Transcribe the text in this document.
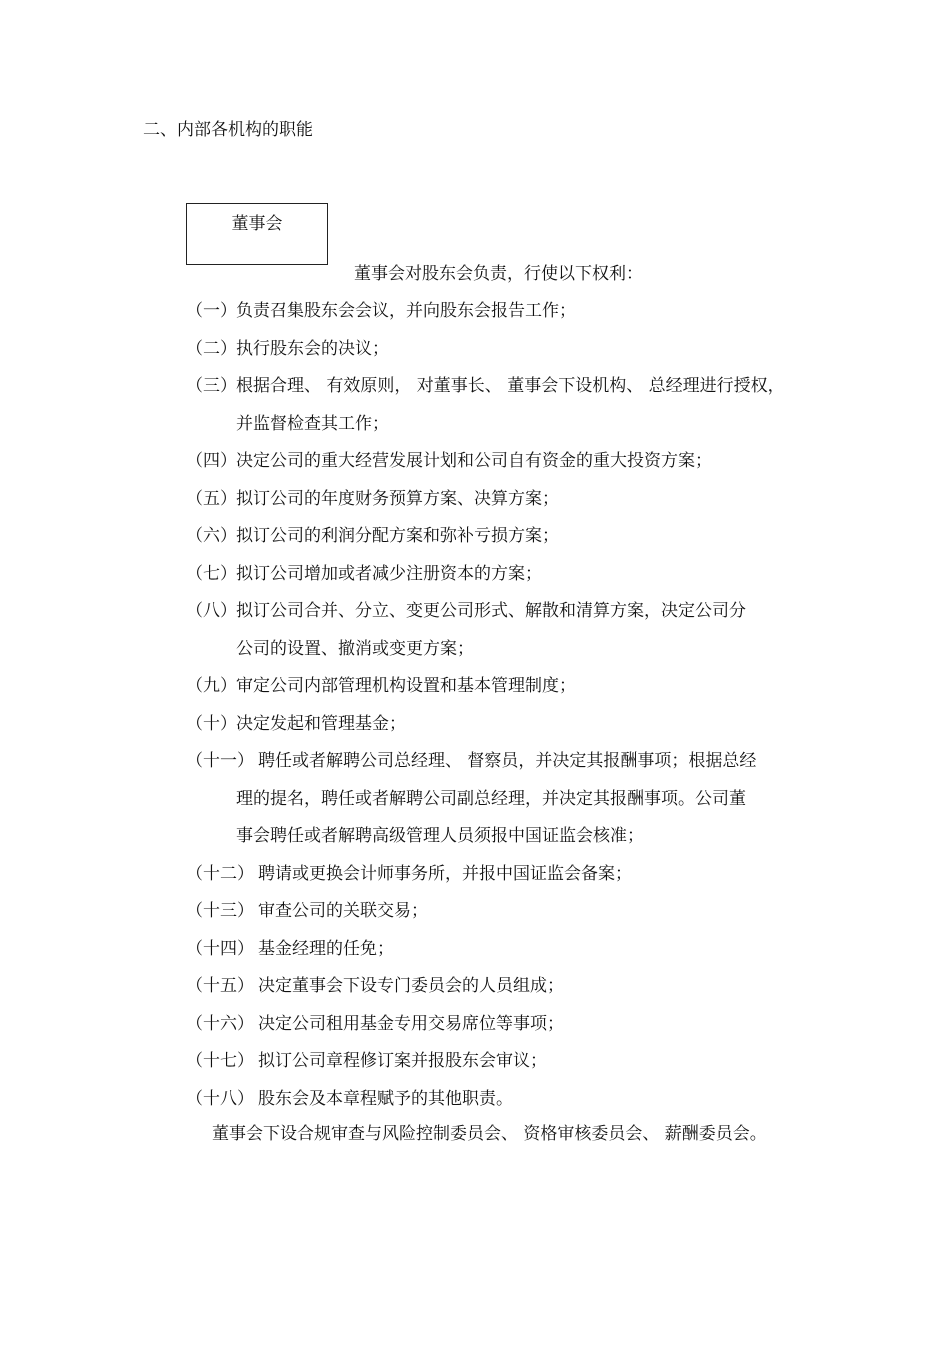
二、内部各机构的职能
董事会
董事会对股东会负责，行使以下权利：
（一） 负责召集股东会会议，并向股东会报告工作；
（二） 执行股东会的决议；
（三） 根据合理、 有效原则， 对董事长、 董事会下设机构、 总经理进行授权，
并监督检查其工作；
（四） 决定公司的重大经营发展计划和公司自有资金的重大投资方案；
（五） 拟订公司的年度财务预算方案、决算方案；
（六） 拟订公司的利润分配方案和弥补亏损方案；
（七） 拟订公司增加或者减少注册资本的方案；
（八） 拟订公司合并、分立、变更公司形式、解散和清算方案，决定公司分
公司的设置、撤消或变更方案；
（九） 审定公司内部管理机构设置和基本管理制度；
（十） 决定发起和管理基金；
（十一） 聘任或者解聘公司总经理、 督察员，并决定其报酬事项；根据总经
理的提名，聘任或者解聘公司副总经理，并决定其报酬事项。公司董
事会聘任或者解聘高级管理人员须报中国证监会核准；
（十二） 聘请或更换会计师事务所，并报中国证监会备案；
（十三） 审查公司的关联交易；
（十四） 基金经理的任免；
（十五） 决定董事会下设专门委员会的人员组成；
（十六） 决定公司租用基金专用交易席位等事项；
（十七） 拟订公司章程修订案并报股东会审议；
（十八） 股东会及本章程赋予的其他职责。
董事会下设合规审查与风险控制委员会、 资格审核委员会、 薪酬委员会。
